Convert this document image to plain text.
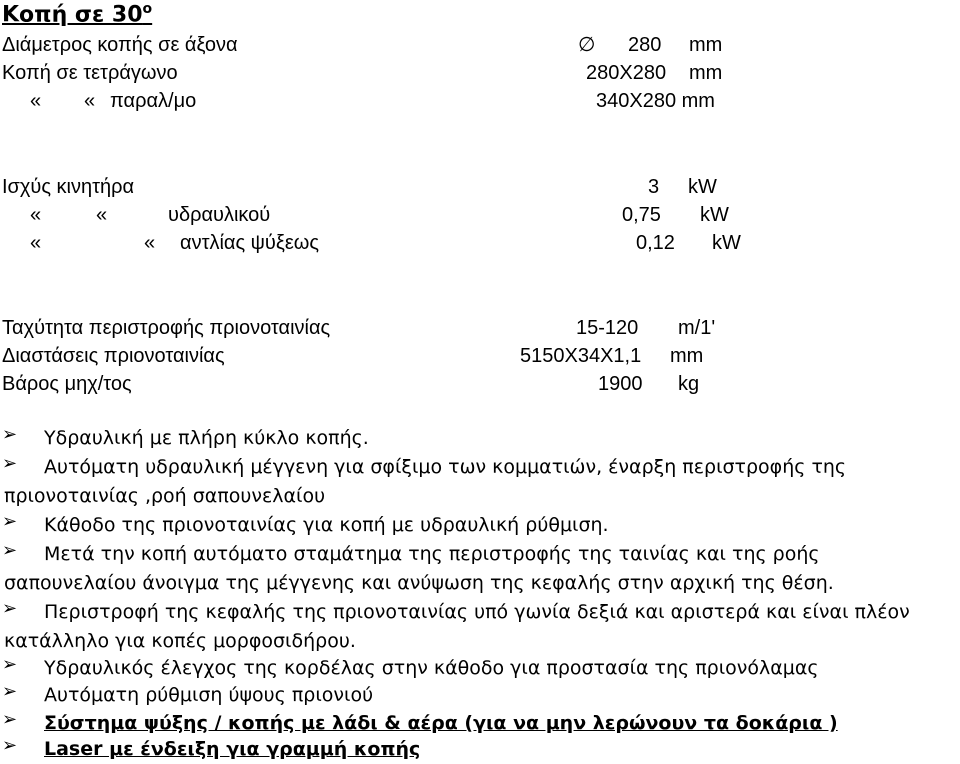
Κοπή σε $30^o$
Διάμετρος κοπής σε άξονα	∅ 280 mm
Κοπή σε τετράγωνο	280X280 mm
« « παραλ/μο	340X280 mm
Ισχύς κινητήρα	3 kW
«	«	υδραυλικού	0,75 kW
«	« αντλίας ψύξεως	0,12 kW
Ταχύτητα περιστροφής πριονοταινίας	15-120 m/1'
Διαστάσεις πριονοταινίας	5150X34X1,1 mm
Βάρος μηχ/τος	1900 kg
➢ Υδραυλική με πλήρη κύκλο κοπής.
➢ Αυτόματη υδραυλική μέγγενη για σφίξιμο των κομματιών, έναρξη περιστροφής της
πριονοταινίας ,ροή σαπουνελαίου
➢ Κάθοδο της πριονοταινίας για κοπή με υδραυλική ρύθμιση.
➢ Μετά την κοπή αυτόματο σταμάτημα της περιστροφής της ταινίας και της ροής
σαπουνελαίου άνοιγμα της μέγγενης και ανύψωση της κεφαλής στην αρχική της θέση.
➢ Περιστροφή της κεφαλής της πριονοταινίας υπό γωνία δεξιά και αριστερά και είναι πλέον
κατάλληλο για κοπές μορφοσιδήρου.
➢ Υδραυλικός έλεγχος της κορδέλας στην κάθοδο για προστασία της πριονόλαμας
➢ Αυτόματη ρύθμιση ύψους πριονιού
➢ Σύστημα ψύξης / κοπής με λάδι & αέρα (για να μην λερώνουν τα δοκάρια )
➢ Laser με ένδειξη για γραμμή κοπής
